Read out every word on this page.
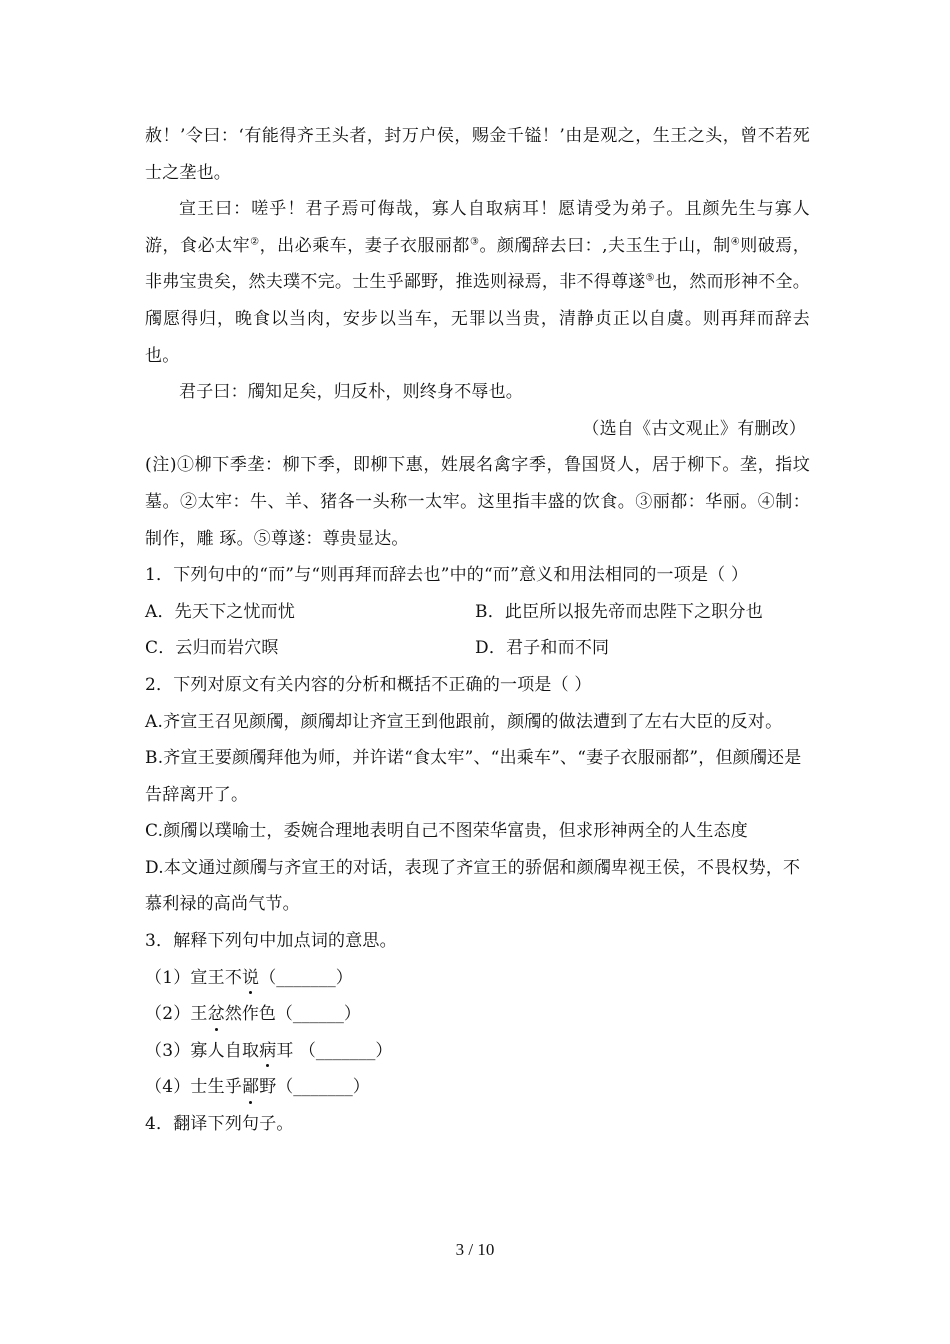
赦！’令曰：‘有能得齐王头者，封万户侯，赐金千镒！’由是观之，生王之头，曾不若死士之垄也。

宣王曰：嗟乎！君子焉可侮哉，寡人自取病耳！愿请受为弟子。且颜先生与寡人游，食必太牢②，出必乘车，妻子衣服丽都③。颜斶辞去曰：,夫玉生于山，制④则破焉，非弗宝贵矣，然夫璞不完。士生乎鄙野，推选则禄焉，非不得尊遂⑤也，然而形神不全。斶愿得归，晚食以当肉，安步以当车，无罪以当贵，清静贞正以自虞。则再拜而辞去也。

君子曰：斶知足矣，归反朴，则终身不辱也。

（选自《古文观止》有删改）

(注)①柳下季垄：柳下季，即柳下惠，姓展名禽字季，鲁国贤人，居于柳下。垄，指坟墓。②太牢：牛、羊、猪各一头称一太牢。这里指丰盛的饮食。③丽都：华丽。④制：制作，雕 琢。⑤尊遂：尊贵显达。

1．下列句中的“而”与“则再拜而辞去也”中的“而”意义和用法相同的一项是（ ）

A．先天下之忧而忧	B．此臣所以报先帝而忠陛下之职分也
C．云归而岩穴暝	D．君子和而不同

2．下列对原文有关内容的分析和概括不正确的一项是（ ）

A.齐宣王召见颜斶，颜斶却让齐宣王到他跟前，颜斶的做法遭到了左右大臣的反对。

B.齐宣王要颜斶拜他为师，并许诺“食太牢”、“出乘车”、“妻子衣服丽都”，但颜斶还是告辞离开了。

C.颜斶以璞喻士，委婉合理地表明自己不图荣华富贵，但求形神两全的人生态度

D.本文通过颜斶与齐宣王的对话，表现了齐宣王的骄倨和颜斶卑视王侯，不畏权势，不慕利禄的高尚气节。

3．解释下列句中加点词的意思。

（1）宣王不说（_______）

（2）王忿然作色（______）

（3）寡人自取病耳 （_______）

（4）士生乎鄙野（_______）

4．翻译下列句子。

3 / 10
